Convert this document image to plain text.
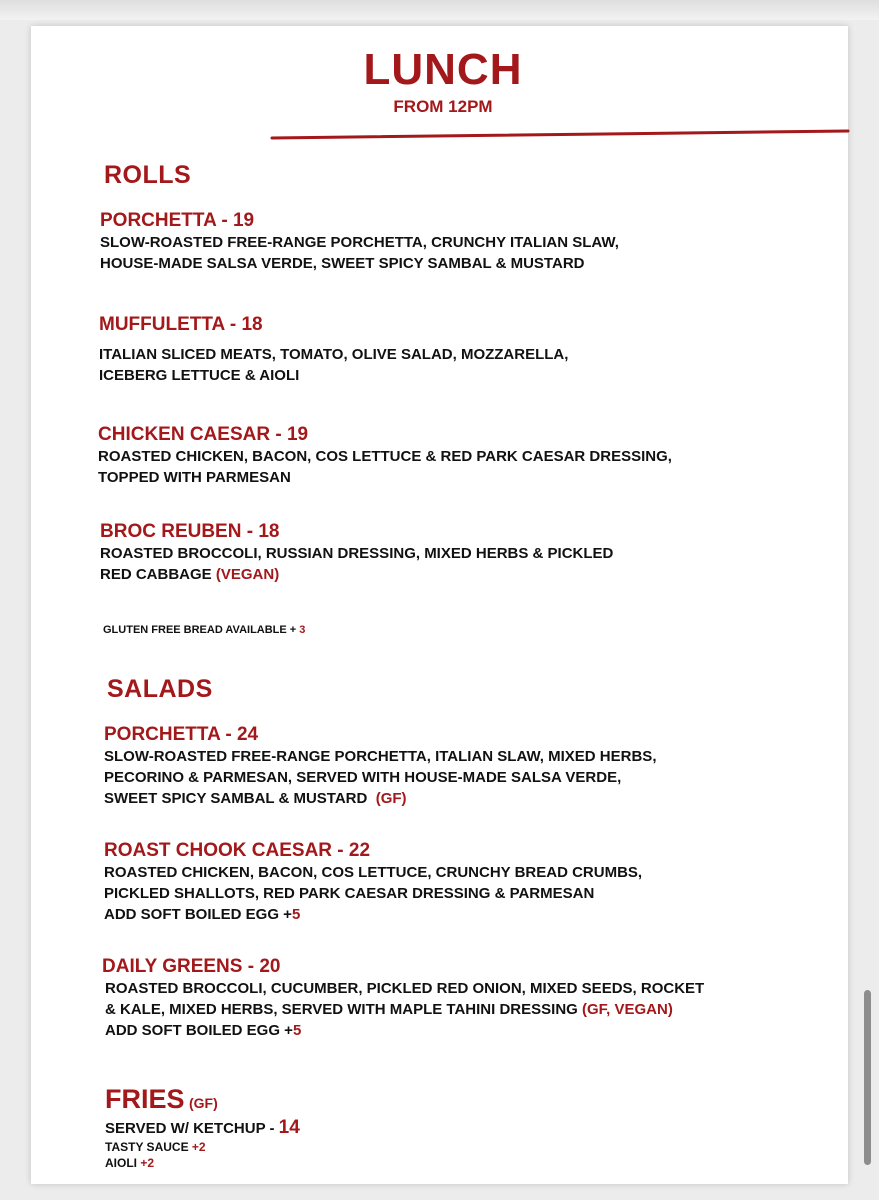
LUNCH
FROM 12PM
ROLLS
PORCHETTA - 19
SLOW-ROASTED FREE-RANGE PORCHETTA, CRUNCHY ITALIAN SLAW,
HOUSE-MADE SALSA VERDE, SWEET SPICY SAMBAL & MUSTARD
MUFFULETTA - 18
ITALIAN SLICED MEATS, TOMATO, OLIVE SALAD, MOZZARELLA,
ICEBERG LETTUCE & AIOLI
CHICKEN CAESAR - 19
ROASTED CHICKEN, BACON, COS LETTUCE & RED PARK CAESAR DRESSING,
TOPPED WITH PARMESAN
BROC REUBEN - 18
ROASTED BROCCOLI, RUSSIAN DRESSING, MIXED HERBS & PICKLED
RED CABBAGE (VEGAN)
GLUTEN FREE BREAD AVAILABLE + 3
SALADS
PORCHETTA - 24
SLOW-ROASTED FREE-RANGE PORCHETTA, ITALIAN SLAW, MIXED HERBS,
PECORINO & PARMESAN, SERVED WITH HOUSE-MADE SALSA VERDE,
SWEET SPICY SAMBAL & MUSTARD (GF)
ROAST CHOOK CAESAR - 22
ROASTED CHICKEN, BACON, COS LETTUCE, CRUNCHY BREAD CRUMBS,
PICKLED SHALLOTS, RED PARK CAESAR DRESSING & PARMESAN
ADD SOFT BOILED EGG +5
DAILY GREENS - 20
ROASTED BROCCOLI, CUCUMBER, PICKLED RED ONION, MIXED SEEDS, ROCKET
& KALE, MIXED HERBS, SERVED WITH MAPLE TAHINI DRESSING (GF, VEGAN)
ADD SOFT BOILED EGG +5
FRIES (GF)
SERVED W/ KETCHUP - 14
TASTY SAUCE +2
AIOLI +2
